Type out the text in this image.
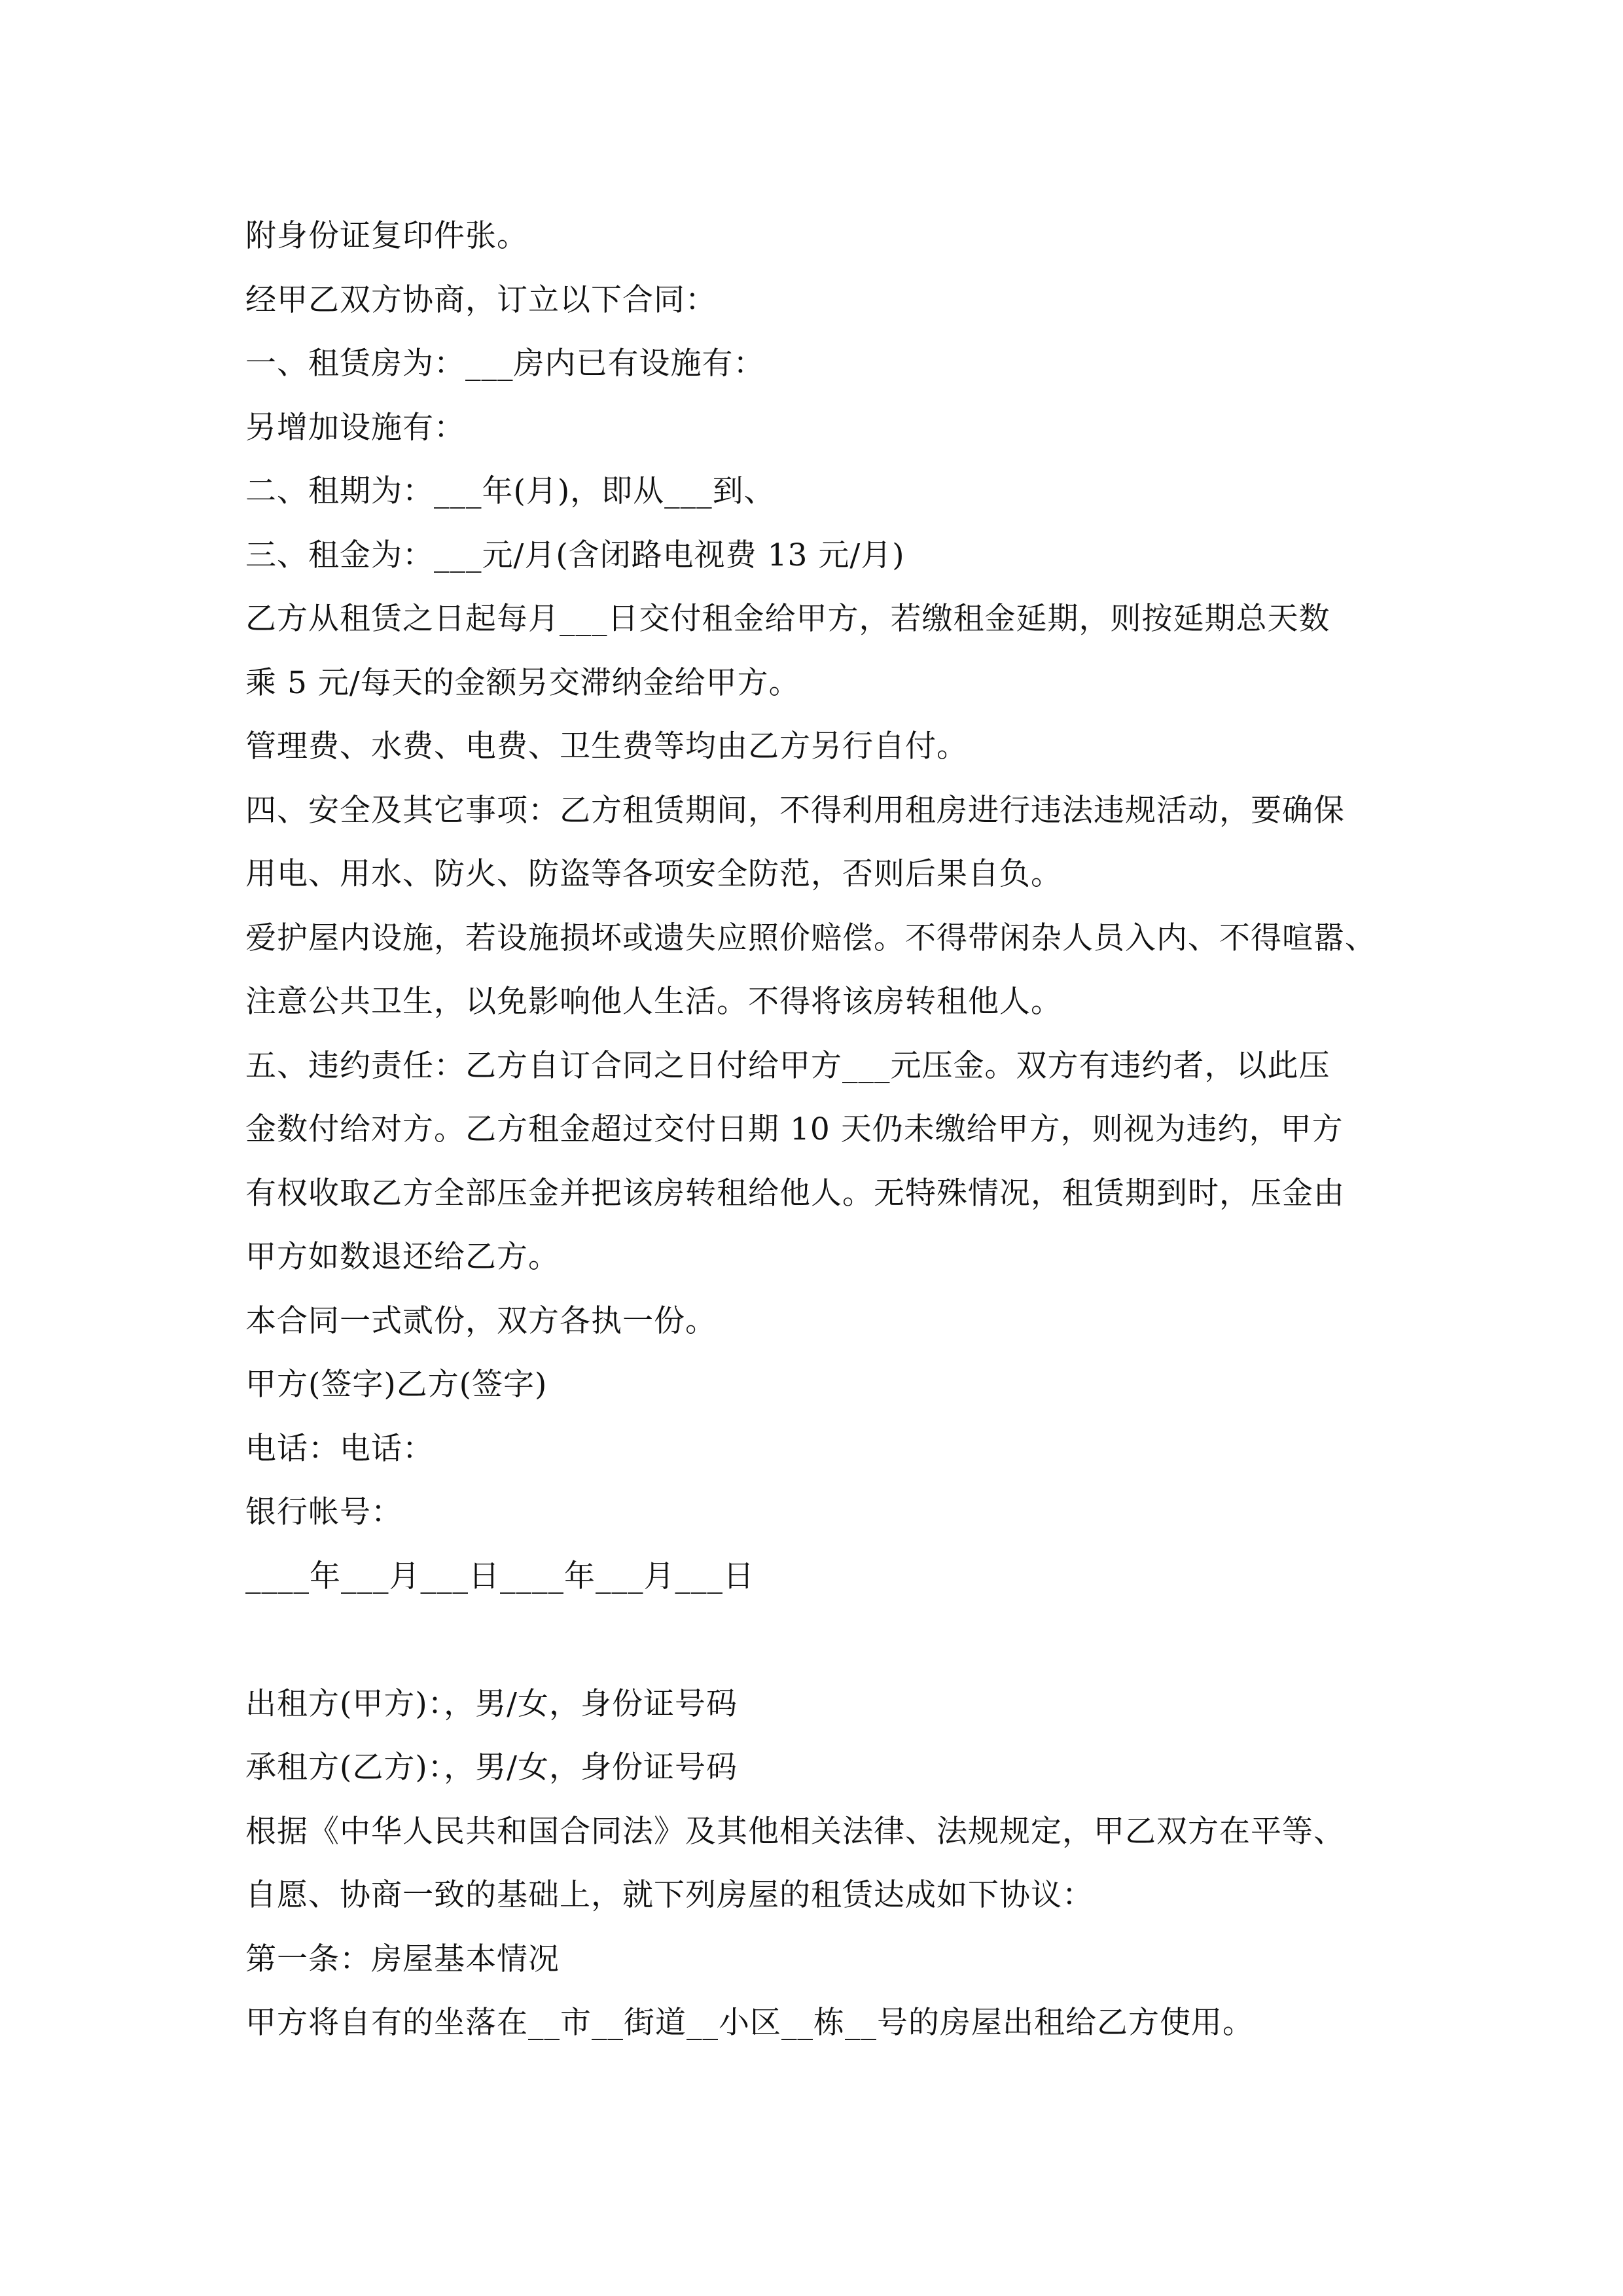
附身份证复印件张。
经甲乙双方协商，订立以下合同：
一、租赁房为：___房内已有设施有：
另增加设施有：
二、租期为：___年(月)，即从___到、
三、租金为：___元/月(含闭路电视费 13 元/月)
乙方从租赁之日起每月___日交付租金给甲方，若缴租金延期，则按延期总天数
乘 5 元/每天的金额另交滞纳金给甲方。
管理费、水费、电费、卫生费等均由乙方另行自付。
四、安全及其它事项：乙方租赁期间，不得利用租房进行违法违规活动，要确保
用电、用水、防火、防盗等各项安全防范，否则后果自负。
爱护屋内设施，若设施损坏或遗失应照价赔偿。不得带闲杂人员入内、不得喧嚣、
注意公共卫生，以免影响他人生活。不得将该房转租他人。
五、违约责任：乙方自订合同之日付给甲方___元压金。双方有违约者，以此压
金数付给对方。乙方租金超过交付日期 10 天仍未缴给甲方，则视为违约，甲方
有权收取乙方全部压金并把该房转租给他人。无特殊情况，租赁期到时，压金由
甲方如数退还给乙方。
本合同一式贰份，双方各执一份。
甲方(签字)乙方(签字)
电话：电话：
银行帐号：
____年___月___日____年___月___日
出租方(甲方)：，男/女，身份证号码
承租方(乙方)：，男/女，身份证号码
根据《中华人民共和国合同法》及其他相关法律、法规规定，甲乙双方在平等、
自愿、协商一致的基础上，就下列房屋的租赁达成如下协议：
第一条：房屋基本情况
甲方将自有的坐落在__市__街道__小区__栋__号的房屋出租给乙方使用。
